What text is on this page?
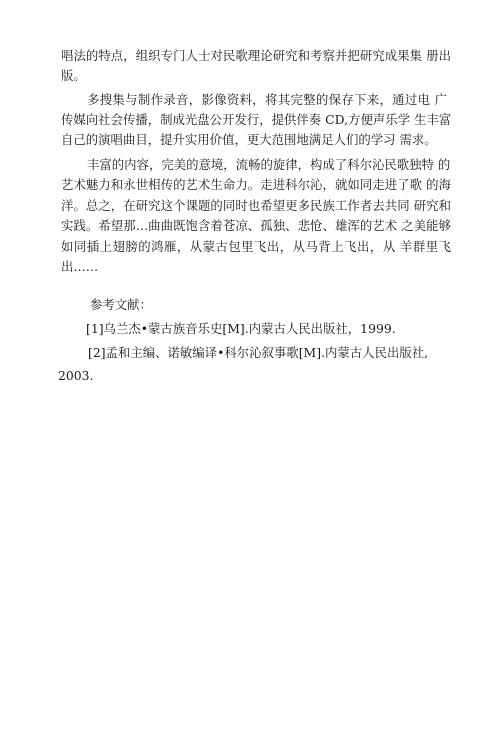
唱法的特点，组织专门人士对民歌理论研究和考察并把研究成果集 册出
版。
多搜集与制作录音，影像资料，将其完整的保存下来，通过电 广
传媒向社会传播，制成光盘公开发行，提供伴奏 CD,方便声乐学 生丰富
自己的演唱曲目，提升实用价值，更大范围地满足人们的学习 需求。
丰富的内容，完美的意境，流畅的旋律，构成了科尔沁民歌独特 的
艺术魅力和永世相传的艺术生命力。走进科尔沁，就如同走进了歌 的海
洋。总之，在研究这个课题的同时也希望更多民族工作者去共同 研究和
实践。希望那…曲曲既饱含着苍凉、孤独、悲怆、雄浑的艺术 之美能够
如同插上翅膀的鸿雁，从蒙古包里飞出，从马背上飞出，从 羊群里飞
出……
参考文献：
[1]乌兰杰•蒙古族音乐史[M].内蒙古人民出版社，1999.
[2]孟和主编、诺敏编译•科尔沁叙事歌[M].内蒙古人民出版社,
2003.
